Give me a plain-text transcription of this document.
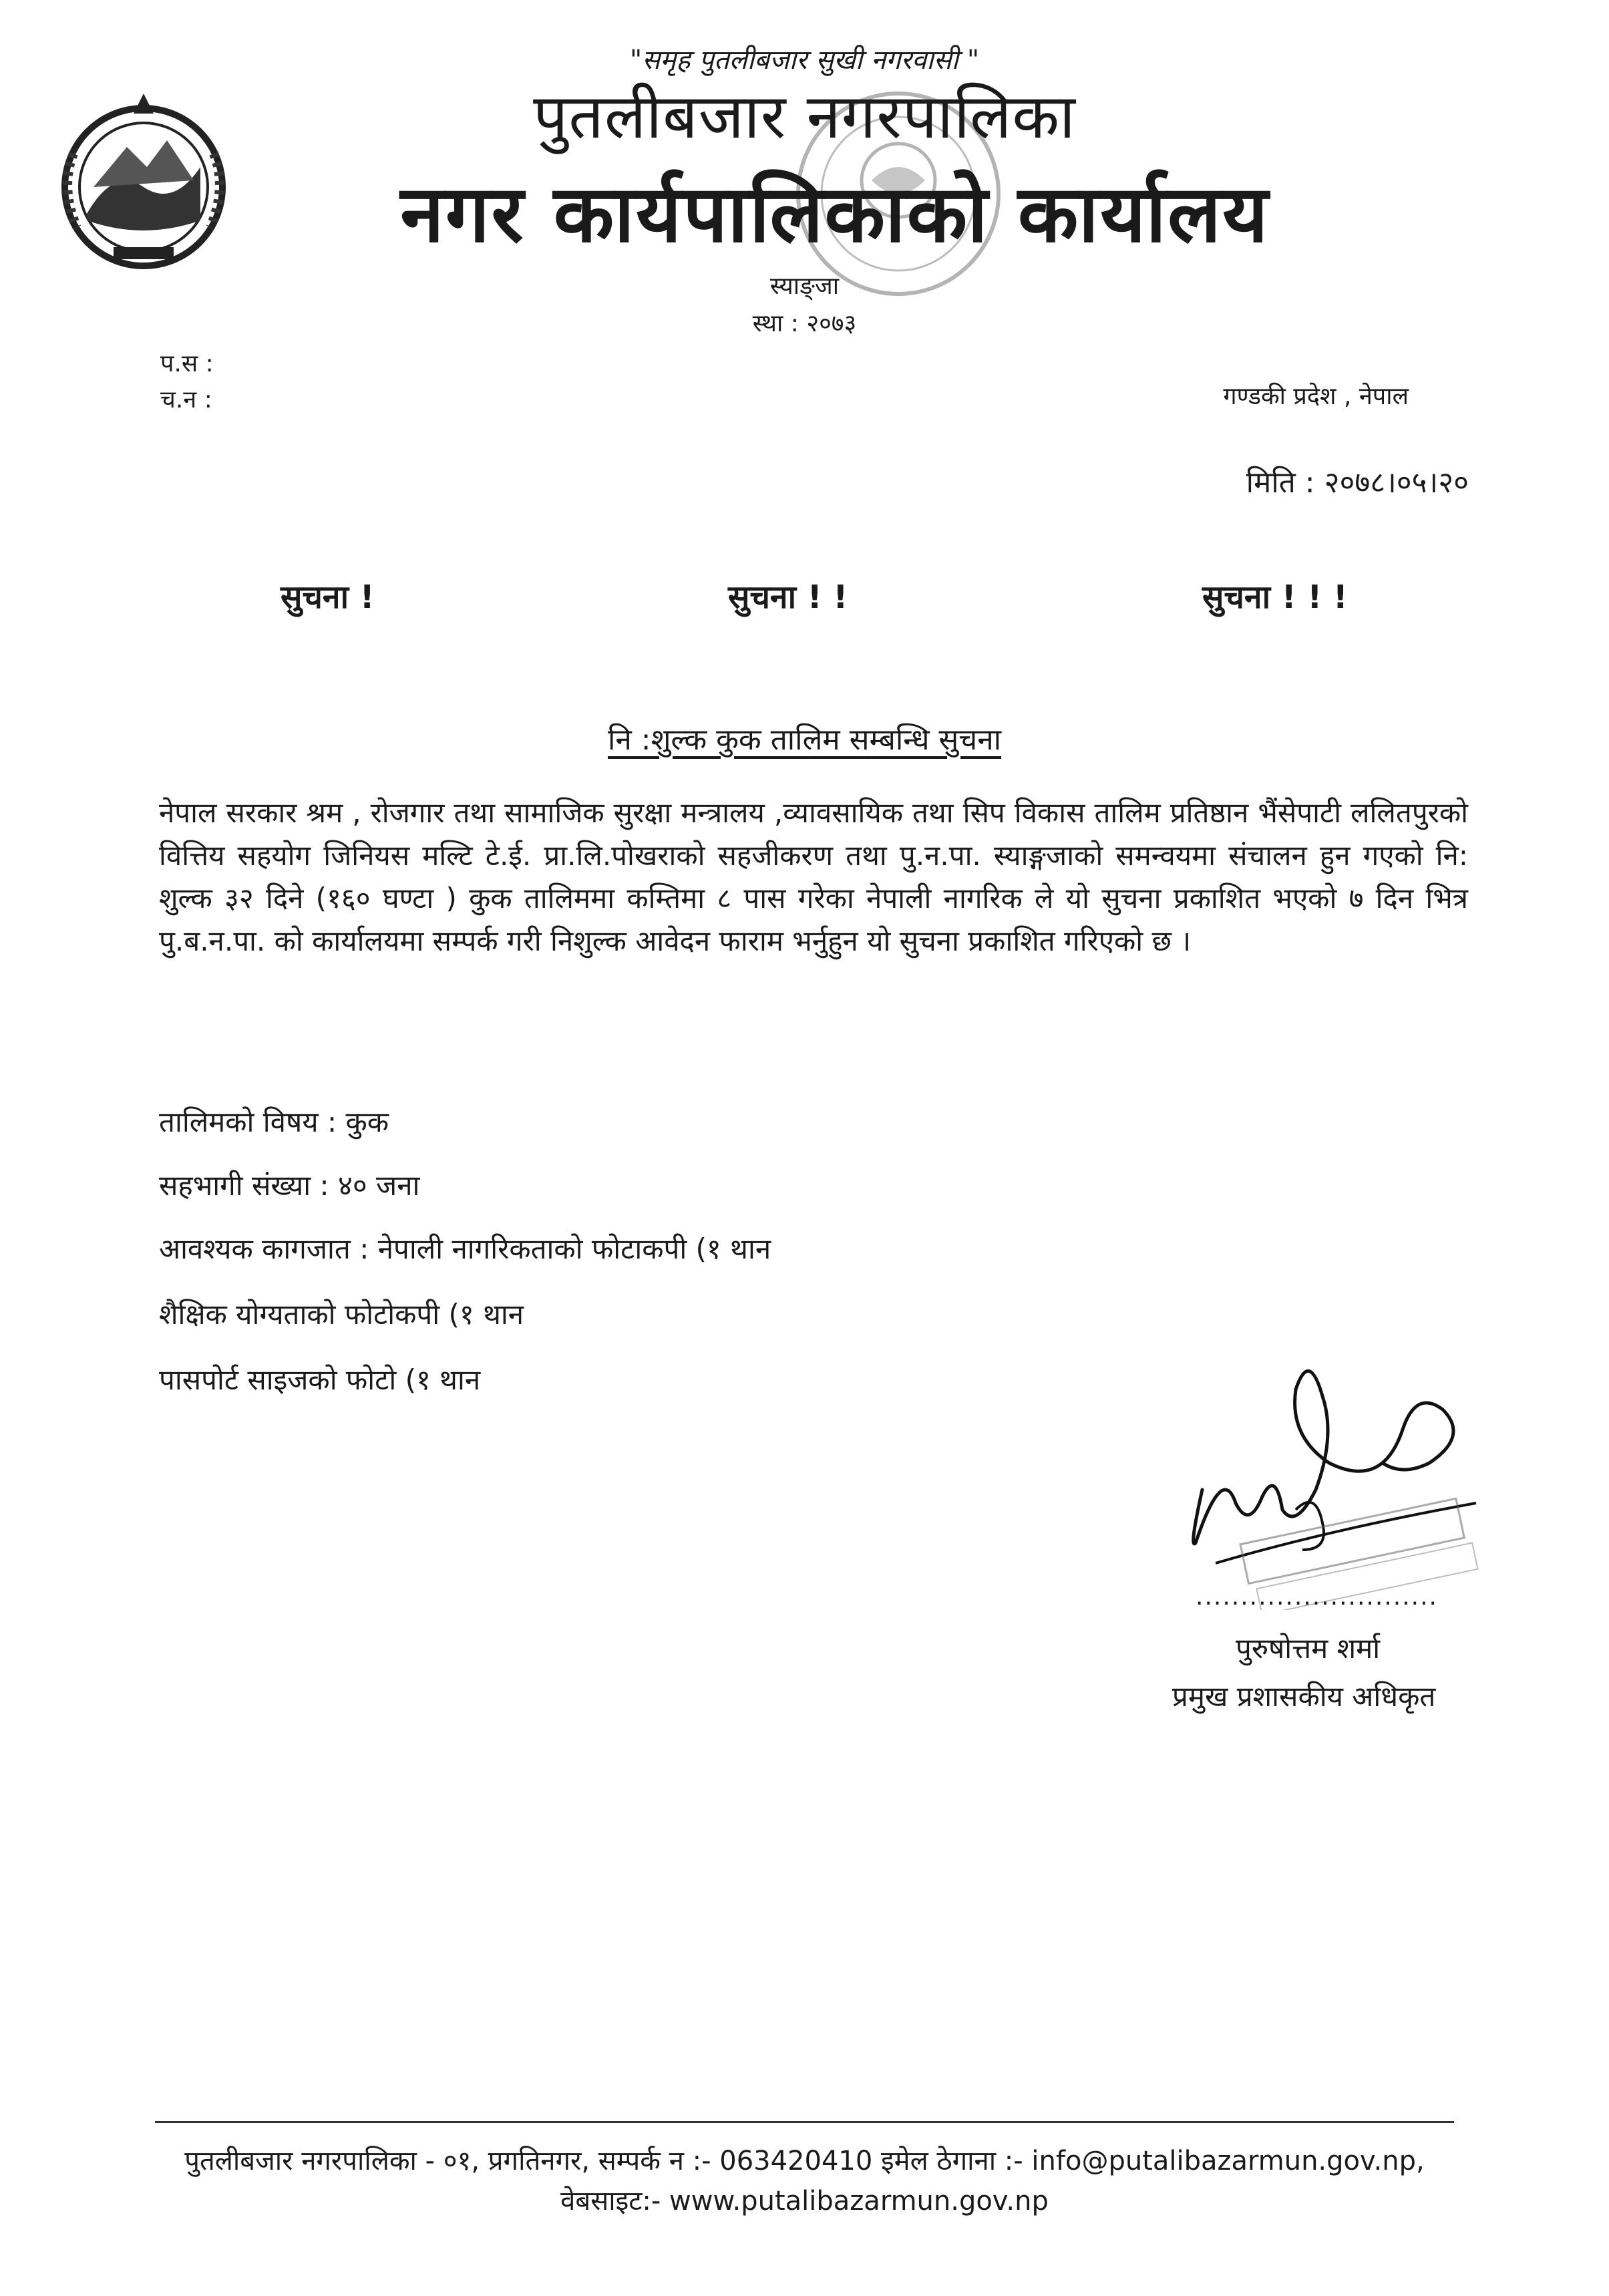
"समृह पुतलीबजार सुखी नगरवासी "
पुतलीबजार नगरपालिका
नगर कार्यपालिकाको कार्यालय
स्याङ्जा
स्था : २०७३
प.स :
च.न :	गण्डकी प्रदेश , नेपाल
मिति : २०७८।०५।२०
सुचना !	सुचना ! !	सुचना ! ! !
नि :शुल्क कुक तालिम सम्बन्धि सुचना
नेपाल सरकार श्रम , रोजगार तथा सामाजिक सुरक्षा मन्त्रालय ,व्यावसायिक तथा सिप विकास तालिम प्रतिष्ठान भैंसेपाटी ललितपुरको वित्तिय सहयोग जिनियस मल्टि टे.ई. प्रा.लि.पोखराको सहजीकरण तथा पु.न.पा. स्याङ्गजाको समन्वयमा संचालन हुन गएको नि: शुल्क ३२ दिने (१६० घण्टा ) कुक तालिममा कम्तिमा ८ पास गरेका नेपाली नागरिक ले यो सुचना प्रकाशित भएको ७ दिन भित्र पु.ब.न.पा. को कार्यालयमा सम्पर्क गरी निशुल्क आवेदन फाराम भर्नुहुन यो सुचना प्रकाशित गरिएको छ ।
तालिमको विषय : कुक
सहभागी संख्या : ४० जना
आवश्यक कागजात : नेपाली नागरिकताको फोटाकपी (१ थान
शैक्षिक योग्यताको फोटोकपी (१ थान
पासपोर्ट साइजको फोटो (१ थान
...........................
पुरुषोत्तम शर्मा
प्रमुख प्रशासकीय अधिकृत
पुतलीबजार नगरपालिका - ०१, प्रगतिनगर, सम्पर्क न :- 063420410 इमेल ठेगाना :- info@putalibazarmun.gov.np,
वेबसाइट:- www.putalibazarmun.gov.np
